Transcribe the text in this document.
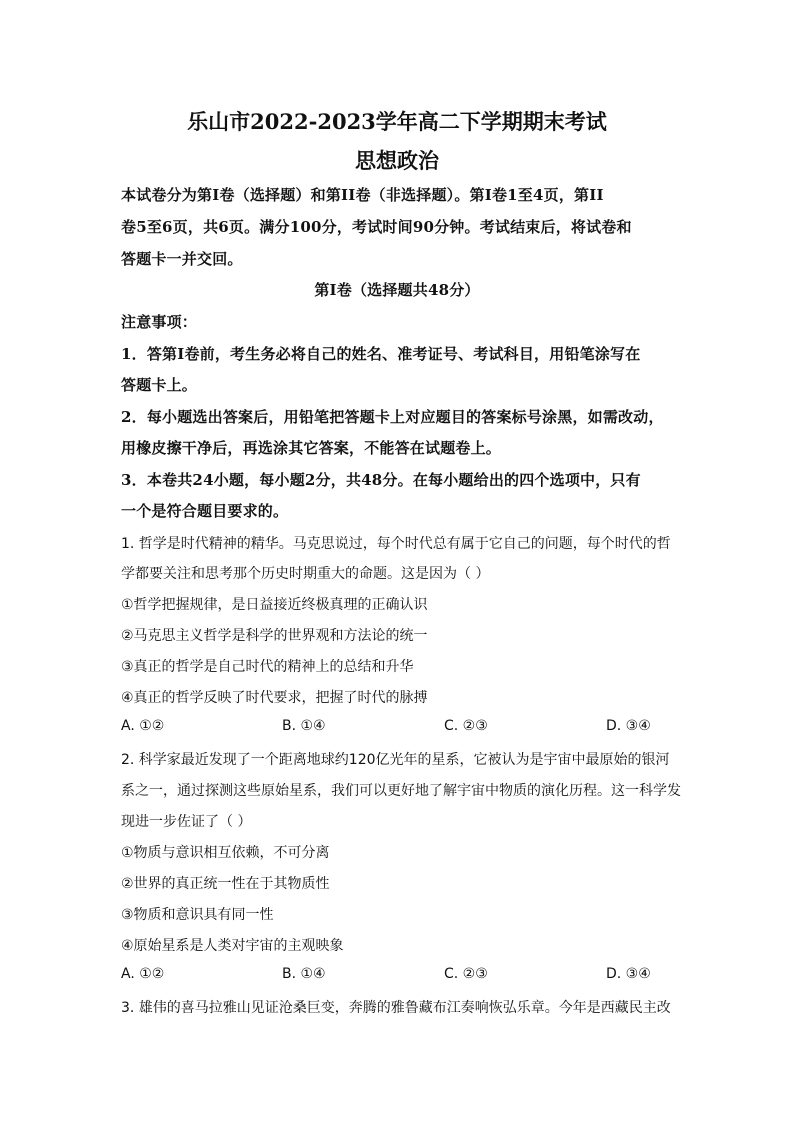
乐山市2022-2023学年高二下学期期末考试
思想政治
本试卷分为第Ⅰ卷（选择题）和第II卷（非选择题）。第Ⅰ卷1至4页，第II
卷5至6页，共6页。满分100分，考试时间90分钟。考试结束后，将试卷和
答题卡一并交回。
第Ⅰ卷（选择题共48分）
注意事项：
1．答第Ⅰ卷前，考生务必将自己的姓名、准考证号、考试科目，用铅笔涂写在
答题卡上。
2．每小题选出答案后，用铅笔把答题卡上对应题目的答案标号涂黑，如需改动，
用橡皮擦干净后，再选涂其它答案，不能答在试题卷上。
3．本卷共24小题，每小题2分，共48分。在每小题给出的四个选项中，只有
一个是符合题目要求的。
1. 哲学是时代精神的精华。马克思说过，每个时代总有属于它自己的问题，每个时代的哲
学都要关注和思考那个历史时期重大的命题。这是因为（ ）
①哲学把握规律，是日益接近终极真理的正确认识
②马克思主义哲学是科学的世界观和方法论的统一
③真正的哲学是自己时代的精神上的总结和升华
④真正的哲学反映了时代要求，把握了时代的脉搏
A. ①②	B. ①④	C. ②③	D. ③④
2. 科学家最近发现了一个距离地球约120亿光年的星系，它被认为是宇宙中最原始的银河
系之一，通过探测这些原始星系，我们可以更好地了解宇宙中物质的演化历程。这一科学发
现进一步佐证了（ ）
①物质与意识相互依赖，不可分离
②世界的真正统一性在于其物质性
③物质和意识具有同一性
④原始星系是人类对宇宙的主观映象
A. ①②	B. ①④	C. ②③	D. ③④
3. 雄伟的喜马拉雅山见证沧桑巨变，奔腾的雅鲁藏布江奏响恢弘乐章。今年是西藏民主改
